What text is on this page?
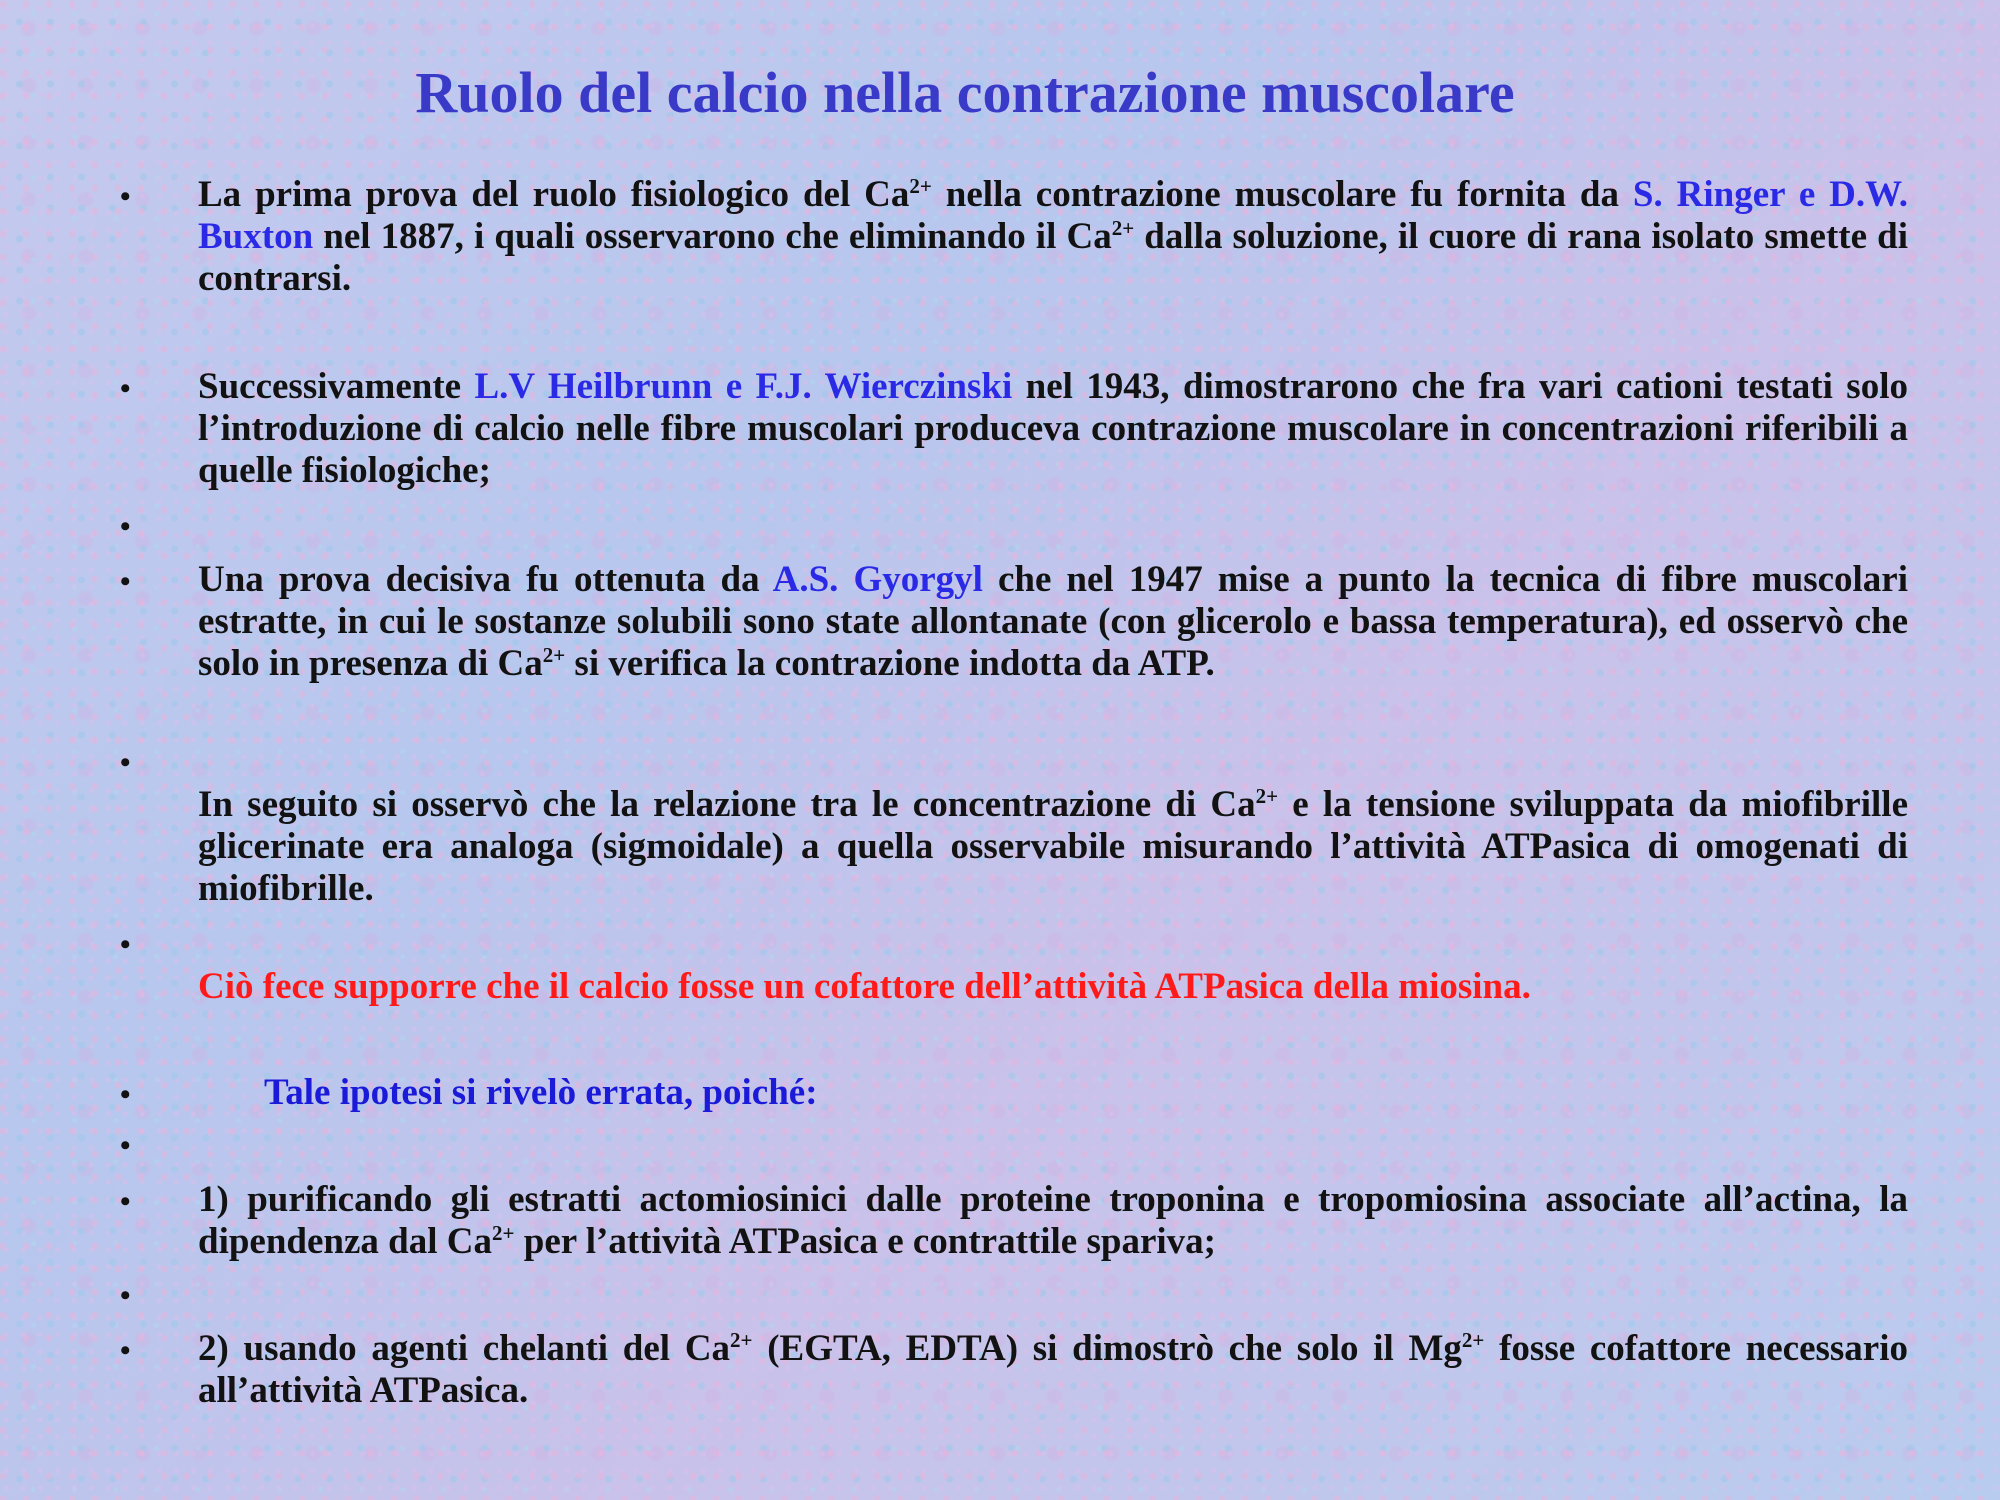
Ruolo del calcio nella contrazione muscolare
•
•
•
•
•
•
•
•
•
•
•
La prima prova del ruolo fisiologico del $Ca^{2+}$ nella contrazione muscolare fu fornita da S. Ringer e D.W. Buxton nel 1887, i quali osservarono che eliminando il $Ca^{2+}$ dalla soluzione, il cuore di rana isolato smette di contrarsi.
Successivamente L.V Heilbrunn e F.J. Wierczinski nel 1943, dimostrarono che fra vari cationi testati solo l’introduzione di calcio nelle fibre muscolari produceva contrazione muscolare in concentrazioni riferibili a quelle fisiologiche;
Una prova decisiva fu ottenuta da A.S. Gyorgyl che nel 1947 mise a punto la tecnica di fibre muscolari estratte, in cui le sostanze solubili sono state allontanate (con glicerolo e bassa temperatura), ed osservò che solo in presenza di $Ca^{2+}$ si verifica la contrazione indotta da ATP.
In seguito si osservò che la relazione tra le concentrazione di $Ca^{2+}$ e la tensione sviluppata da miofibrille glicerinate era analoga (sigmoidale) a quella osservabile misurando l’attività ATPasica di omogenati di miofibrille.
Ciò fece supporre che il calcio fosse un cofattore dell’attività ATPasica della miosina.
Tale ipotesi si rivelò errata, poiché:
1) purificando gli estratti actomiosinici dalle proteine troponina e tropomiosina associate all’actina, la dipendenza dal $Ca^{2+}$ per l’attività ATPasica e contrattile spariva;
2) usando agenti chelanti del $Ca^{2+}$ (EGTA, EDTA) si dimostrò che solo il $Mg^{2+}$ fosse cofattore necessario all’attività ATPasica.
